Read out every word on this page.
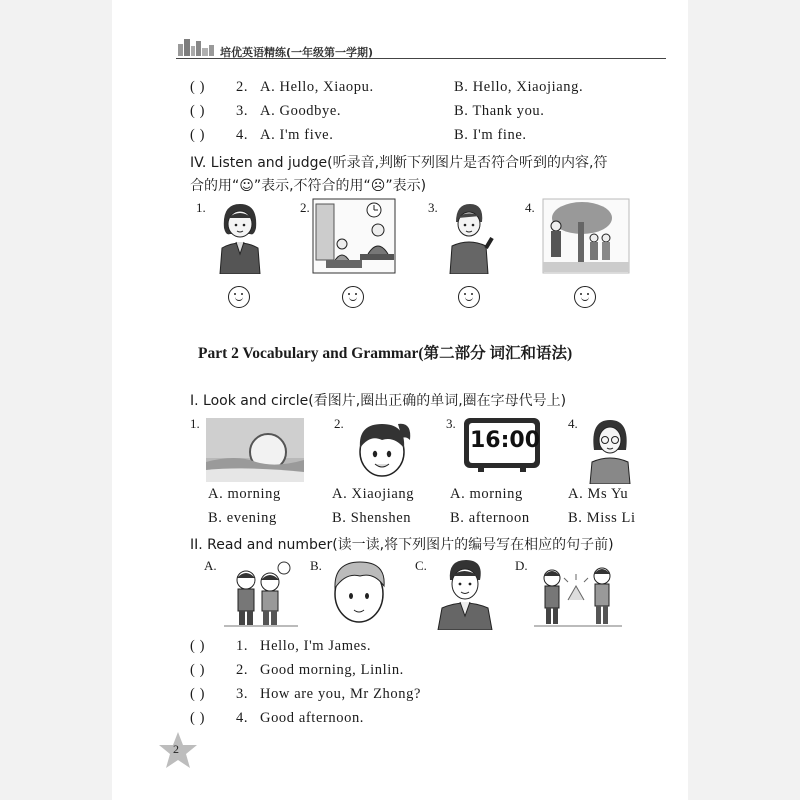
培优英语精练(一年级第一学期)
( ) 2. A. Hello, Xiaopu.	B. Hello, Xiaojiang.
( ) 3. A. Goodbye.	B. Thank you.
( ) 4. A. I'm five.	B. I'm fine.
IV. Listen and judge(听录音,判断下列图片是否符合听到的内容,符
合的用“☺”表示,不符合的用“☹”表示)
1.	2.	3.	4.
Part 2 Vocabulary and Grammar(第二部分 词汇和语法)
I. Look and circle(看图片,圈出正确的单词,圈在字母代号上)
1.	2.	3.	4.
16:00
A. morning
B. evening
A. Xiaojiang
B. Shenshen
A. morning
B. afternoon
A. Ms Yu
B. Miss Li
II. Read and number(读一读,将下列图片的编号写在相应的句子前)
A.	B.	C.	D.
( ) 1. Hello, I'm James.
( ) 2. Good morning, Linlin.
( ) 3. How are you, Mr Zhong?
( ) 4. Good afternoon.
2
